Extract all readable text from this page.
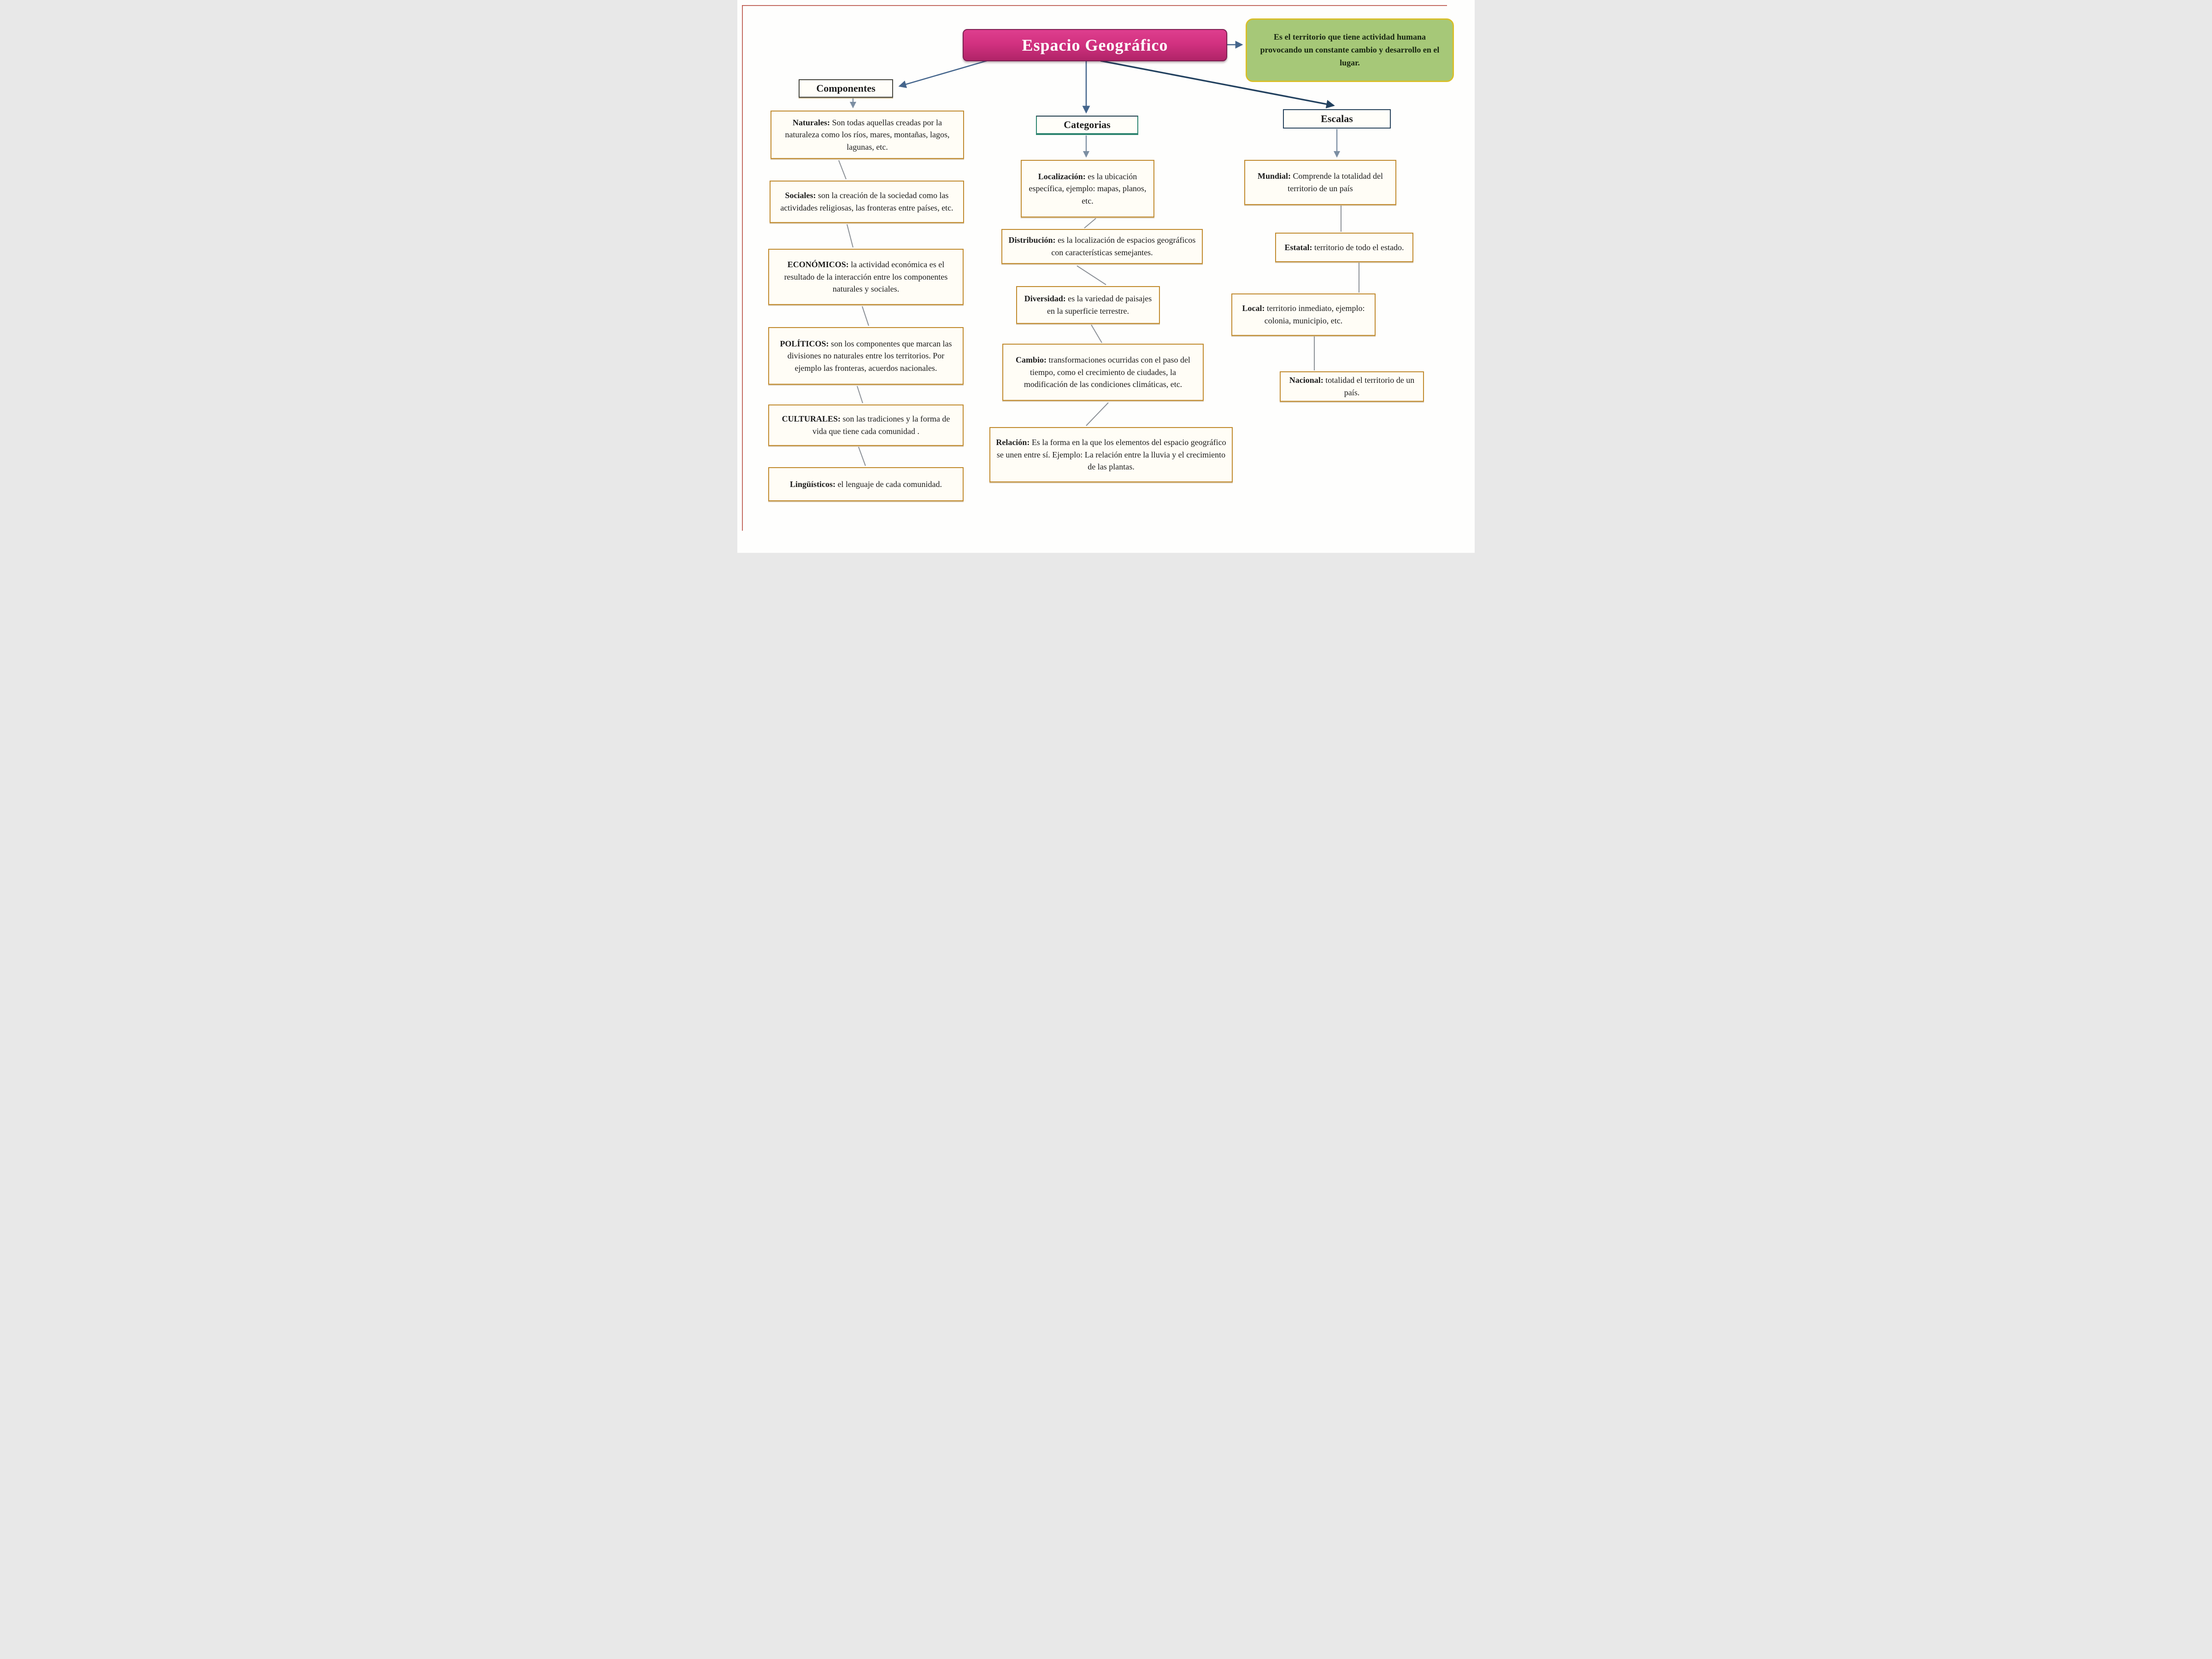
Espacio Geográfico	Es el territorio que tiene actividad humana provocando un constante cambio y desarrollo en el lugar.

Componentes
Categorias
Escalas

Naturales: Son todas aquellas creadas por la naturaleza como los ríos, mares, montañas, lagos, lagunas, etc.

Sociales: son la creación de la sociedad como las actividades religiosas, las fronteras entre países, etc.

ECONÓMICOS: la actividad económica es el resultado de la interacción entre los componentes naturales y sociales.

POLÍTICOS: son los componentes que marcan las divisiones no naturales entre los territorios. Por ejemplo las fronteras, acuerdos nacionales.

CULTURALES: son las tradiciones y la forma de vida que tiene cada comunidad .

Lingüísticos: el lenguaje de cada comunidad.

Localización: es la ubicación específica, ejemplo: mapas, planos, etc.

Distribución: es la localización de espacios geográficos con características semejantes.

Diversidad: es la variedad de paisajes en la superficie terrestre.

Cambio: transformaciones ocurridas con el paso del tiempo, como el crecimiento de ciudades, la modificación de las condiciones climáticas, etc.

Relación: Es la forma en la que los elementos del espacio geográfico se unen entre sí. Ejemplo: La relación entre la lluvia y el crecimiento de las plantas.

Mundial: Comprende la totalidad del territorio de un país

Estatal: territorio de todo el estado.

Local: territorio inmediato, ejemplo: colonia, municipio, etc.

Nacional: totalidad el territorio de un país.
